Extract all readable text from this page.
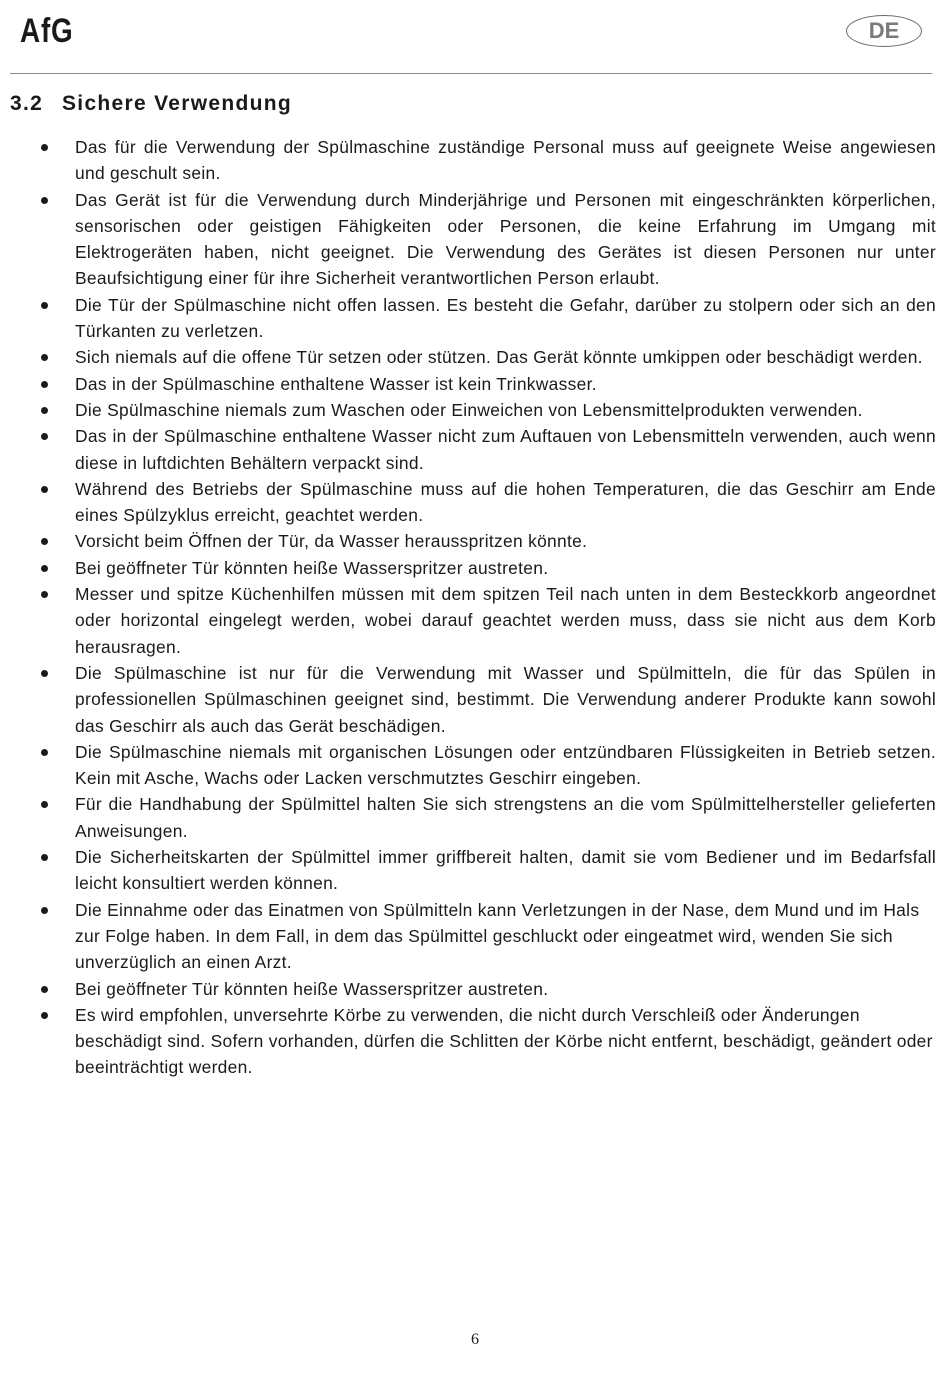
AfG	DE
3.2 Sichere Verwendung
Das für die Verwendung der Spülmaschine zuständige Personal muss auf geeignete Weise angewiesen und geschult sein.
Das Gerät ist für die Verwendung durch Minderjährige und Personen mit eingeschränkten körperlichen, sensorischen oder geistigen Fähigkeiten oder Personen, die keine Erfahrung im Umgang mit Elektrogeräten haben, nicht geeignet. Die Verwendung des Gerätes ist diesen Personen nur unter Beaufsichtigung einer für ihre Sicherheit verantwortlichen Person erlaubt.
Die Tür der Spülmaschine nicht offen lassen. Es besteht die Gefahr, darüber zu stolpern oder sich an den Türkanten zu verletzen.
Sich niemals auf die offene Tür setzen oder stützen. Das Gerät könnte umkippen oder beschädigt werden.
Das in der Spülmaschine enthaltene Wasser ist kein Trinkwasser.
Die Spülmaschine niemals zum Waschen oder Einweichen von Lebensmittelprodukten verwenden.
Das in der Spülmaschine enthaltene Wasser nicht zum Auftauen von Lebensmitteln verwenden, auch wenn diese in luftdichten Behältern verpackt sind.
Während des Betriebs der Spülmaschine muss auf die hohen Temperaturen, die das Geschirr am Ende eines Spülzyklus erreicht, geachtet werden.
Vorsicht beim Öffnen der Tür, da Wasser herausspritzen könnte.
Bei geöffneter Tür könnten heiße Wasserspritzer austreten.
Messer und spitze Küchenhilfen müssen mit dem spitzen Teil nach unten in dem Besteckkorb angeordnet oder horizontal eingelegt werden, wobei darauf geachtet werden muss, dass sie nicht aus dem Korb herausragen.
Die Spülmaschine ist nur für die Verwendung mit Wasser und Spülmitteln, die für das Spülen in professionellen Spülmaschinen geeignet sind, bestimmt. Die Verwendung anderer Produkte kann sowohl das Geschirr als auch das Gerät beschädigen.
Die Spülmaschine niemals mit organischen Lösungen oder entzündbaren Flüssigkeiten in Betrieb setzen. Kein mit Asche, Wachs oder Lacken verschmutztes Geschirr eingeben.
Für die Handhabung der Spülmittel halten Sie sich strengstens an die vom Spülmittelhersteller gelieferten Anweisungen.
Die Sicherheitskarten der Spülmittel immer griffbereit halten, damit sie vom Bediener und im Bedarfsfall leicht konsultiert werden können.
Die Einnahme oder das Einatmen von Spülmitteln kann Verletzungen in der Nase, dem Mund und im Hals zur Folge haben. In dem Fall, in dem das Spülmittel geschluckt oder eingeatmet wird, wenden Sie sich unverzüglich an einen Arzt.
Bei geöffneter Tür könnten heiße Wasserspritzer austreten.
Es wird empfohlen, unversehrte Körbe zu verwenden, die nicht durch Verschleiß oder Änderungen beschädigt sind. Sofern vorhanden, dürfen die Schlitten der Körbe nicht entfernt, beschädigt, geändert oder beeinträchtigt werden.
6
